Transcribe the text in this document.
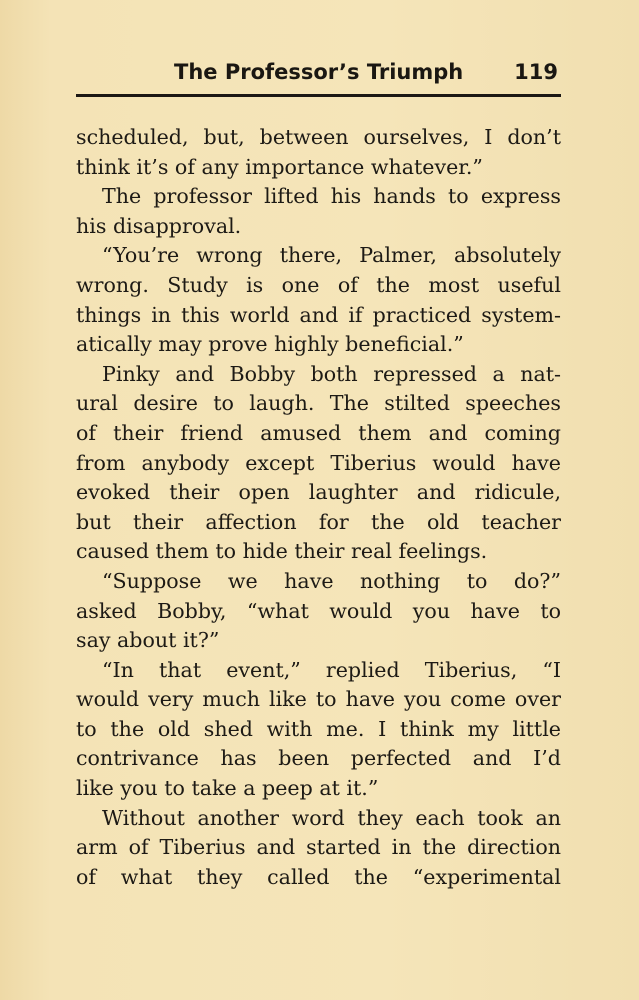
The Professor’s Triumph 119
scheduled, but, between ourselves, I don’t
think it’s of any importance whatever.”
The professor lifted his hands to express
his disapproval.
“You’re wrong there, Palmer, absolutely
wrong. Study is one of the most useful
things in this world and if practiced system-
atically may prove highly beneficial.”
Pinky and Bobby both repressed a nat-
ural desire to laugh. The stilted speeches
of their friend amused them and coming
from anybody except Tiberius would have
evoked their open laughter and ridicule,
but their affection for the old teacher
caused them to hide their real feelings.
“Suppose we have nothing to do?”
asked Bobby, “what would you have to
say about it?”
“In that event,” replied Tiberius, “I
would very much like to have you come over
to the old shed with me. I think my little
contrivance has been perfected and I’d
like you to take a peep at it.”
Without another word they each took an
arm of Tiberius and started in the direction
of what they called the “experimental
